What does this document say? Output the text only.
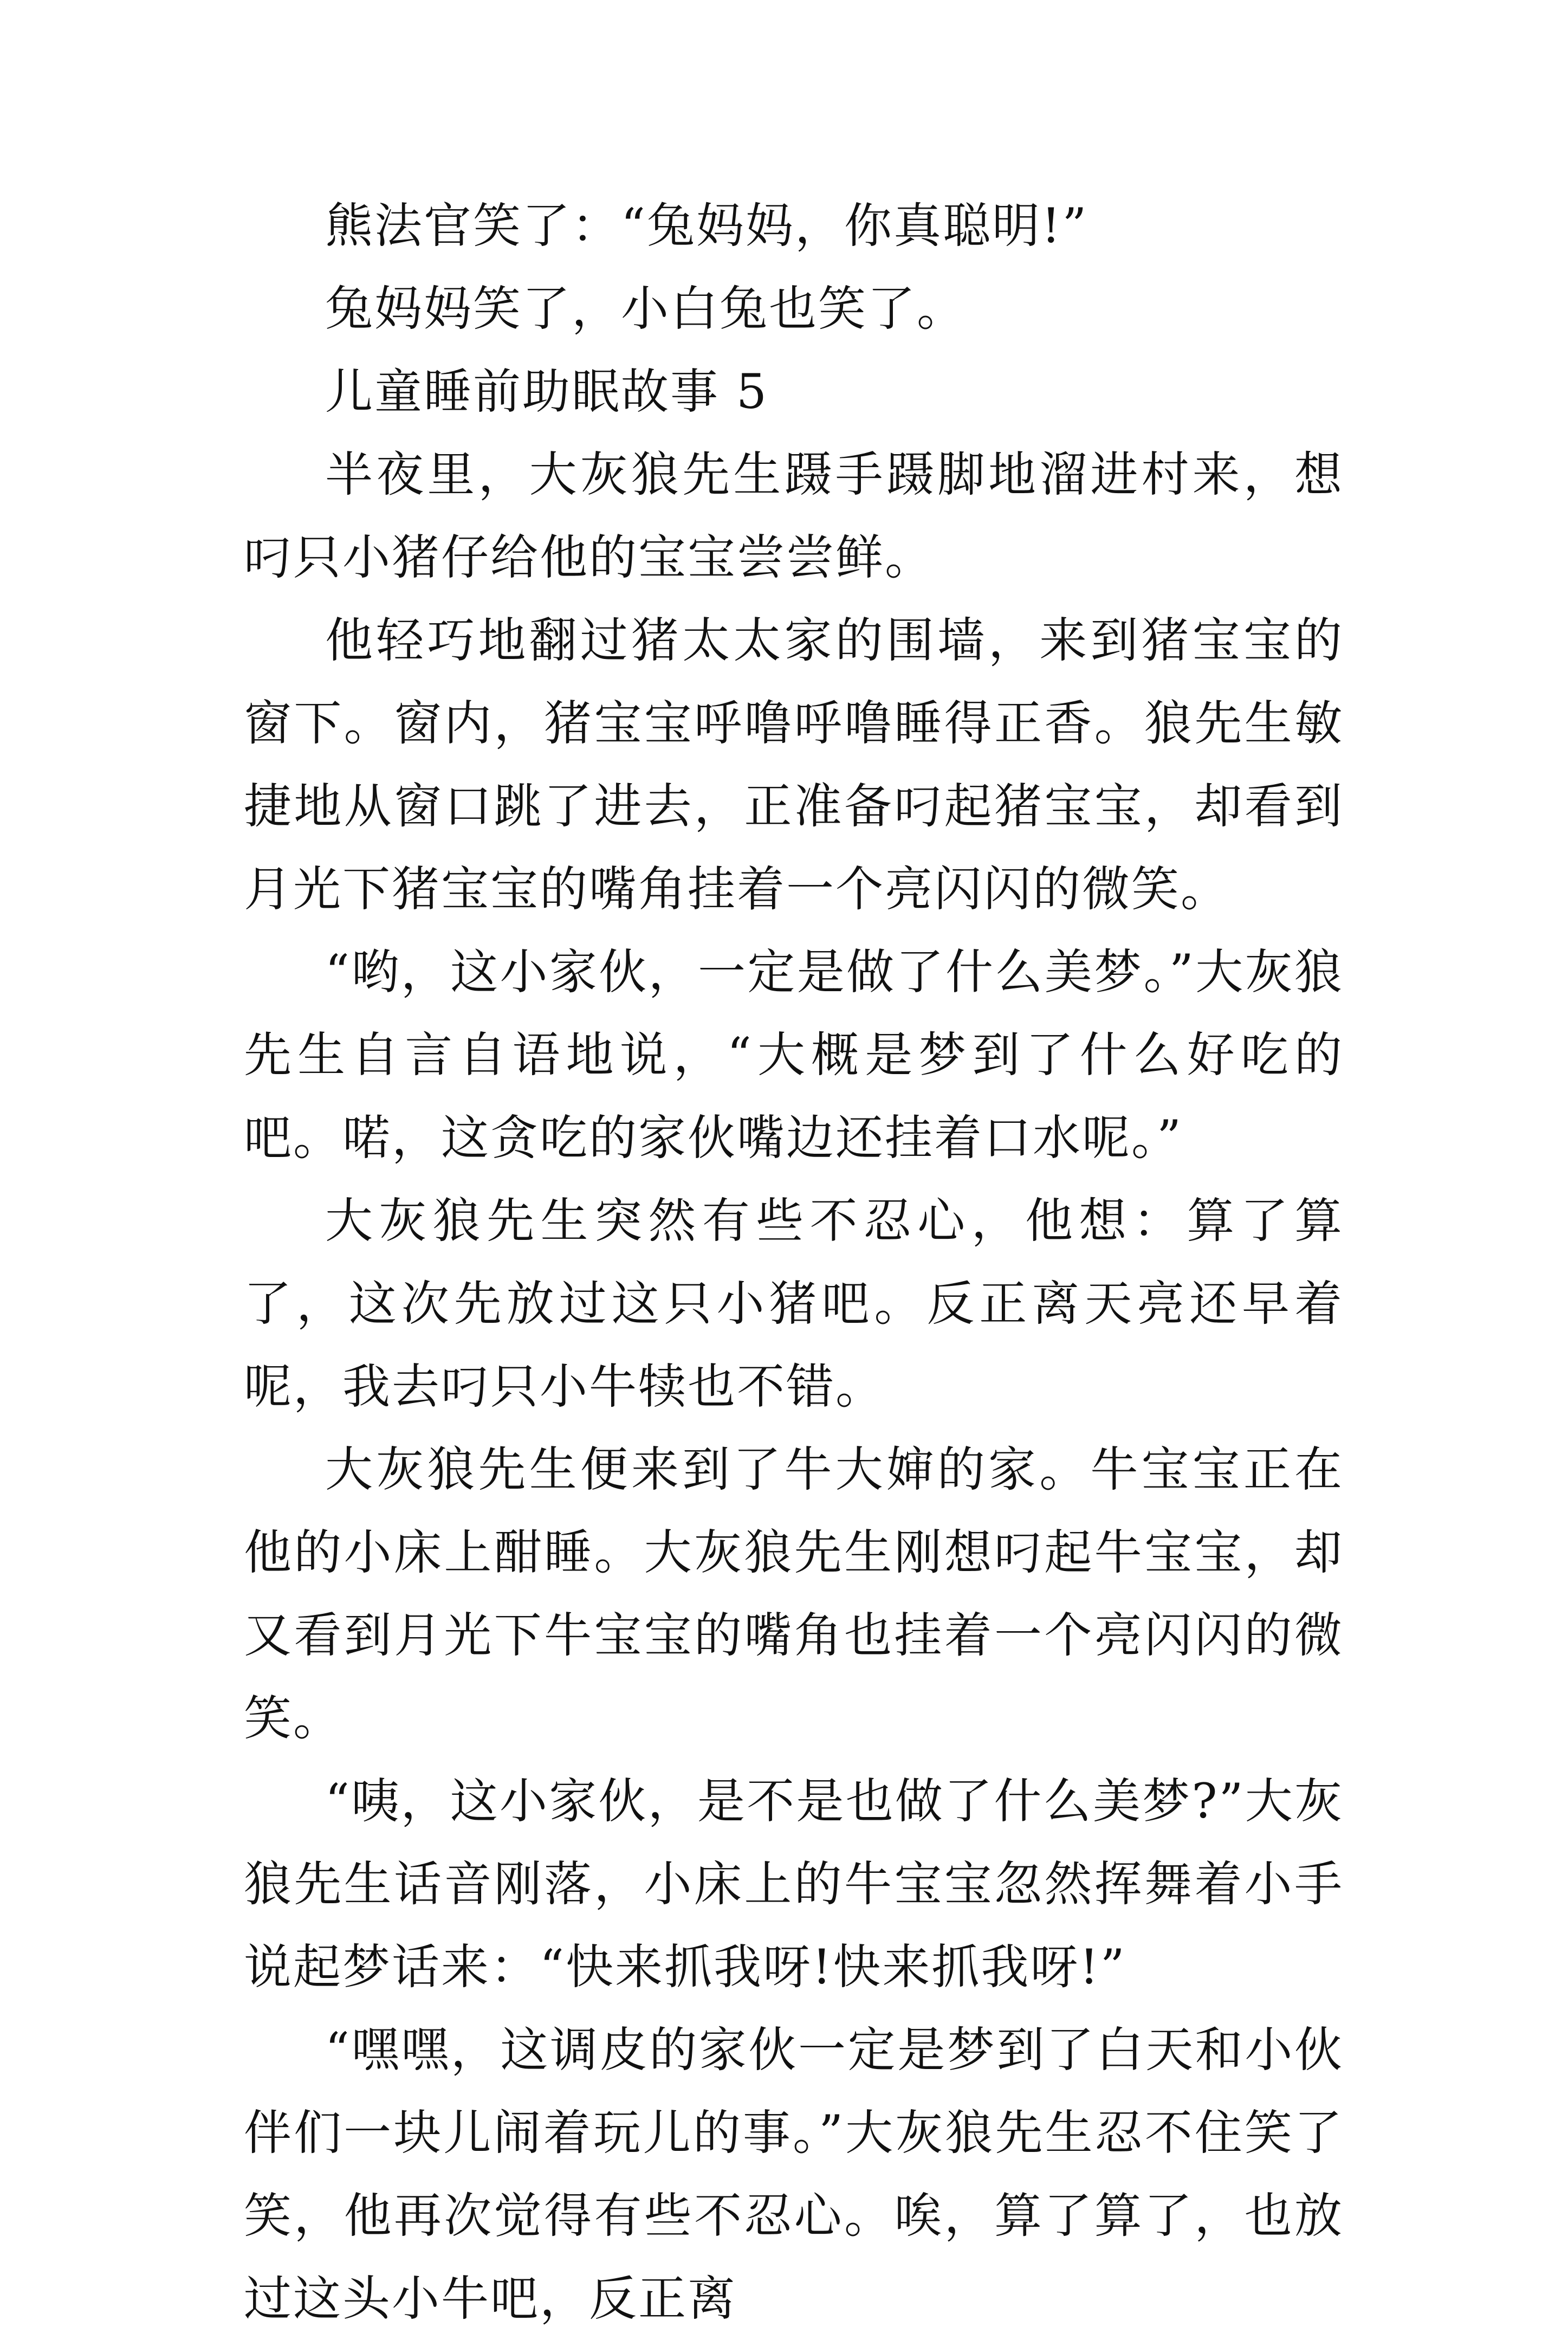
熊法官笑了：“兔妈妈，你真聪明!”

兔妈妈笑了，小白兔也笑了。

儿童睡前助眠故事 5

半夜里，大灰狼先生蹑手蹑脚地溜进村来，想叼只小猪仔给他的宝宝尝尝鲜。

他轻巧地翻过猪太太家的围墙，来到猪宝宝的窗下。窗内，猪宝宝呼噜呼噜睡得正香。狼先生敏捷地从窗口跳了进去，正准备叼起猪宝宝，却看到月光下猪宝宝的嘴角挂着一个亮闪闪的微笑。

“哟，这小家伙，一定是做了什么美梦。”大灰狼先生自言自语地说，“大概是梦到了什么好吃的吧。喏，这贪吃的家伙嘴边还挂着口水呢。”

大灰狼先生突然有些不忍心，他想：算了算了，这次先放过这只小猪吧。反正离天亮还早着呢，我去叼只小牛犊也不错。

大灰狼先生便来到了牛大婶的家。牛宝宝正在他的小床上酣睡。大灰狼先生刚想叼起牛宝宝，却又看到月光下牛宝宝的嘴角也挂着一个亮闪闪的微笑。

“咦，这小家伙，是不是也做了什么美梦?”大灰狼先生话音刚落，小床上的牛宝宝忽然挥舞着小手说起梦话来：“快来抓我呀!快来抓我呀!”

“嘿嘿，这调皮的家伙一定是梦到了白天和小伙伴们一块儿闹着玩儿的事。”大灰狼先生忍不住笑了笑，他再次觉得有些不忍心。唉，算了算了，也放过这头小牛吧，反正离
